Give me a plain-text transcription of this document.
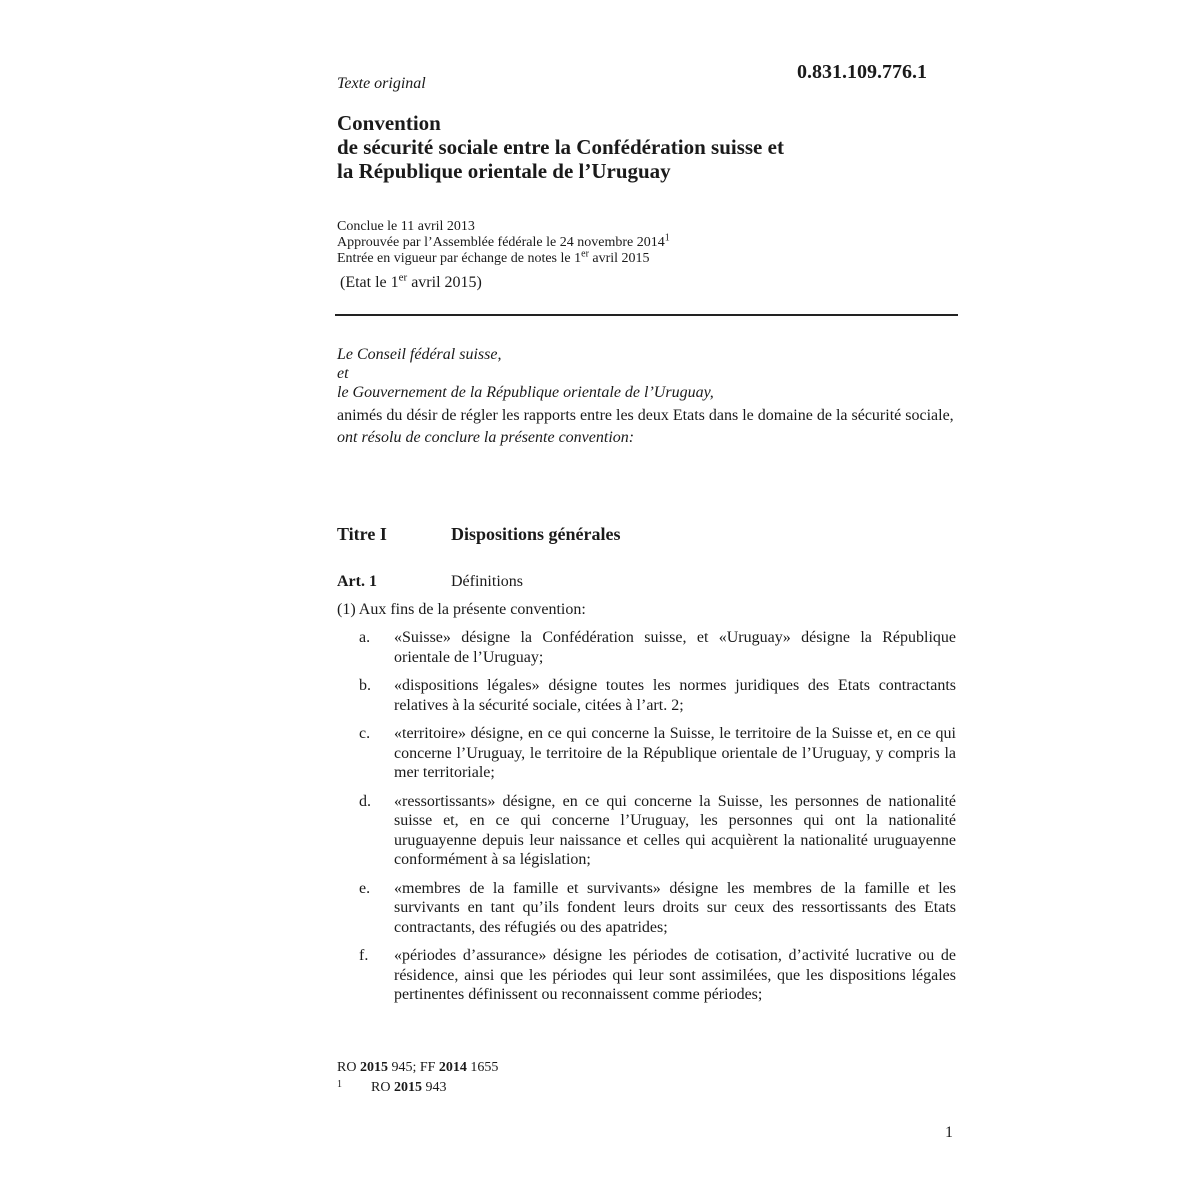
0.831.109.776.1
Texte original
Convention
de sécurité sociale entre la Confédération suisse et
la République orientale de l’Uruguay
Conclue le 11 avril 2013
Approuvée par l’Assemblée fédérale le 24 novembre 2014$^1$
Entrée en vigueur par échange de notes le 1er avril 2015
(Etat le 1er avril 2015)

Le Conseil fédéral suisse,

et

le Gouvernement de la République orientale de l’Uruguay,

animés du désir de régler les rapports entre les deux Etats dans le domaine de la sécurité sociale,

ont résolu de conclure la présente convention:

Titre I	Dispositions générales
Art. 1	Définitions
(1) Aux fins de la présente convention:
a. «Suisse» désigne la Confédération suisse, et «Uruguay» désigne la République orientale de l’Uruguay;
b. «dispositions légales» désigne toutes les normes juridiques des Etats contractants relatives à la sécurité sociale, citées à l’art. 2;
c. «territoire» désigne, en ce qui concerne la Suisse, le territoire de la Suisse et, en ce qui concerne l’Uruguay, le territoire de la République orientale de l’Uruguay, y compris la mer territoriale;
d. «ressortissants» désigne, en ce qui concerne la Suisse, les personnes de nationalité suisse et, en ce qui concerne l’Uruguay, les personnes qui ont la nationalité uruguayenne depuis leur naissance et celles qui acquièrent la nationalité uruguayenne conformément à sa législation;
e. «membres de la famille et survivants» désigne les membres de la famille et les survivants en tant qu’ils fondent leurs droits sur ceux des ressortissants des Etats contractants, des réfugiés ou des apatrides;
f. «périodes d’assurance» désigne les périodes de cotisation, d’activité lucrative ou de résidence, ainsi que les périodes qui leur sont assimilées, que les dispositions légales pertinentes définissent ou reconnaissent comme périodes;
RO 2015 945; FF 2014 1655
1 RO 2015 943
1
